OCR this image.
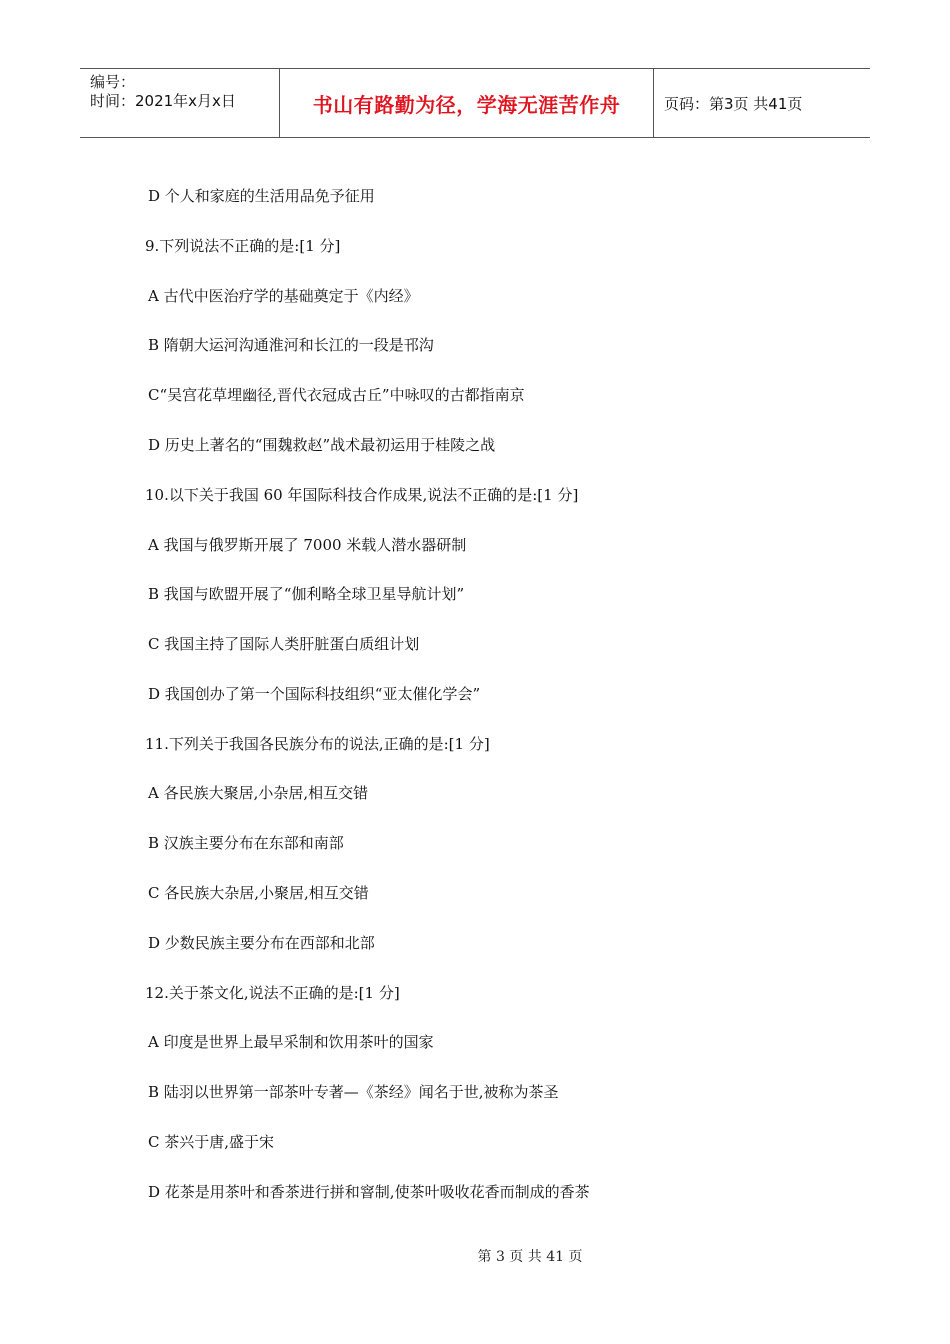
编号：
时间：2021年x月x日	书山有路勤为径，学海无涯苦作舟	页码：第3页 共41页
D 个人和家庭的生活用品免予征用
9.下列说法不正确的是:[1 分]
A 古代中医治疗学的基础奠定于《内经》
B 隋朝大运河沟通淮河和长江的一段是邗沟
C“吴宫花草埋幽径,晋代衣冠成古丘”中咏叹的古都指南京
D 历史上著名的“围魏救赵”战术最初运用于桂陵之战
10.以下关于我国 60 年国际科技合作成果,说法不正确的是:[1 分]
A 我国与俄罗斯开展了 7000 米载人潜水器研制
B 我国与欧盟开展了“伽利略全球卫星导航计划”
C 我国主持了国际人类肝脏蛋白质组计划
D 我国创办了第一个国际科技组织“亚太催化学会”
11.下列关于我国各民族分布的说法,正确的是:[1 分]
A 各民族大聚居,小杂居,相互交错
B 汉族主要分布在东部和南部
C 各民族大杂居,小聚居,相互交错
D 少数民族主要分布在西部和北部
12.关于茶文化,说法不正确的是:[1 分]
A 印度是世界上最早采制和饮用茶叶的国家
B 陆羽以世界第一部茶叶专著—《茶经》闻名于世,被称为茶圣
C 茶兴于唐,盛于宋
D 花茶是用茶叶和香茶进行拼和窨制,使茶叶吸收花香而制成的香茶
第 3 页 共 41 页
